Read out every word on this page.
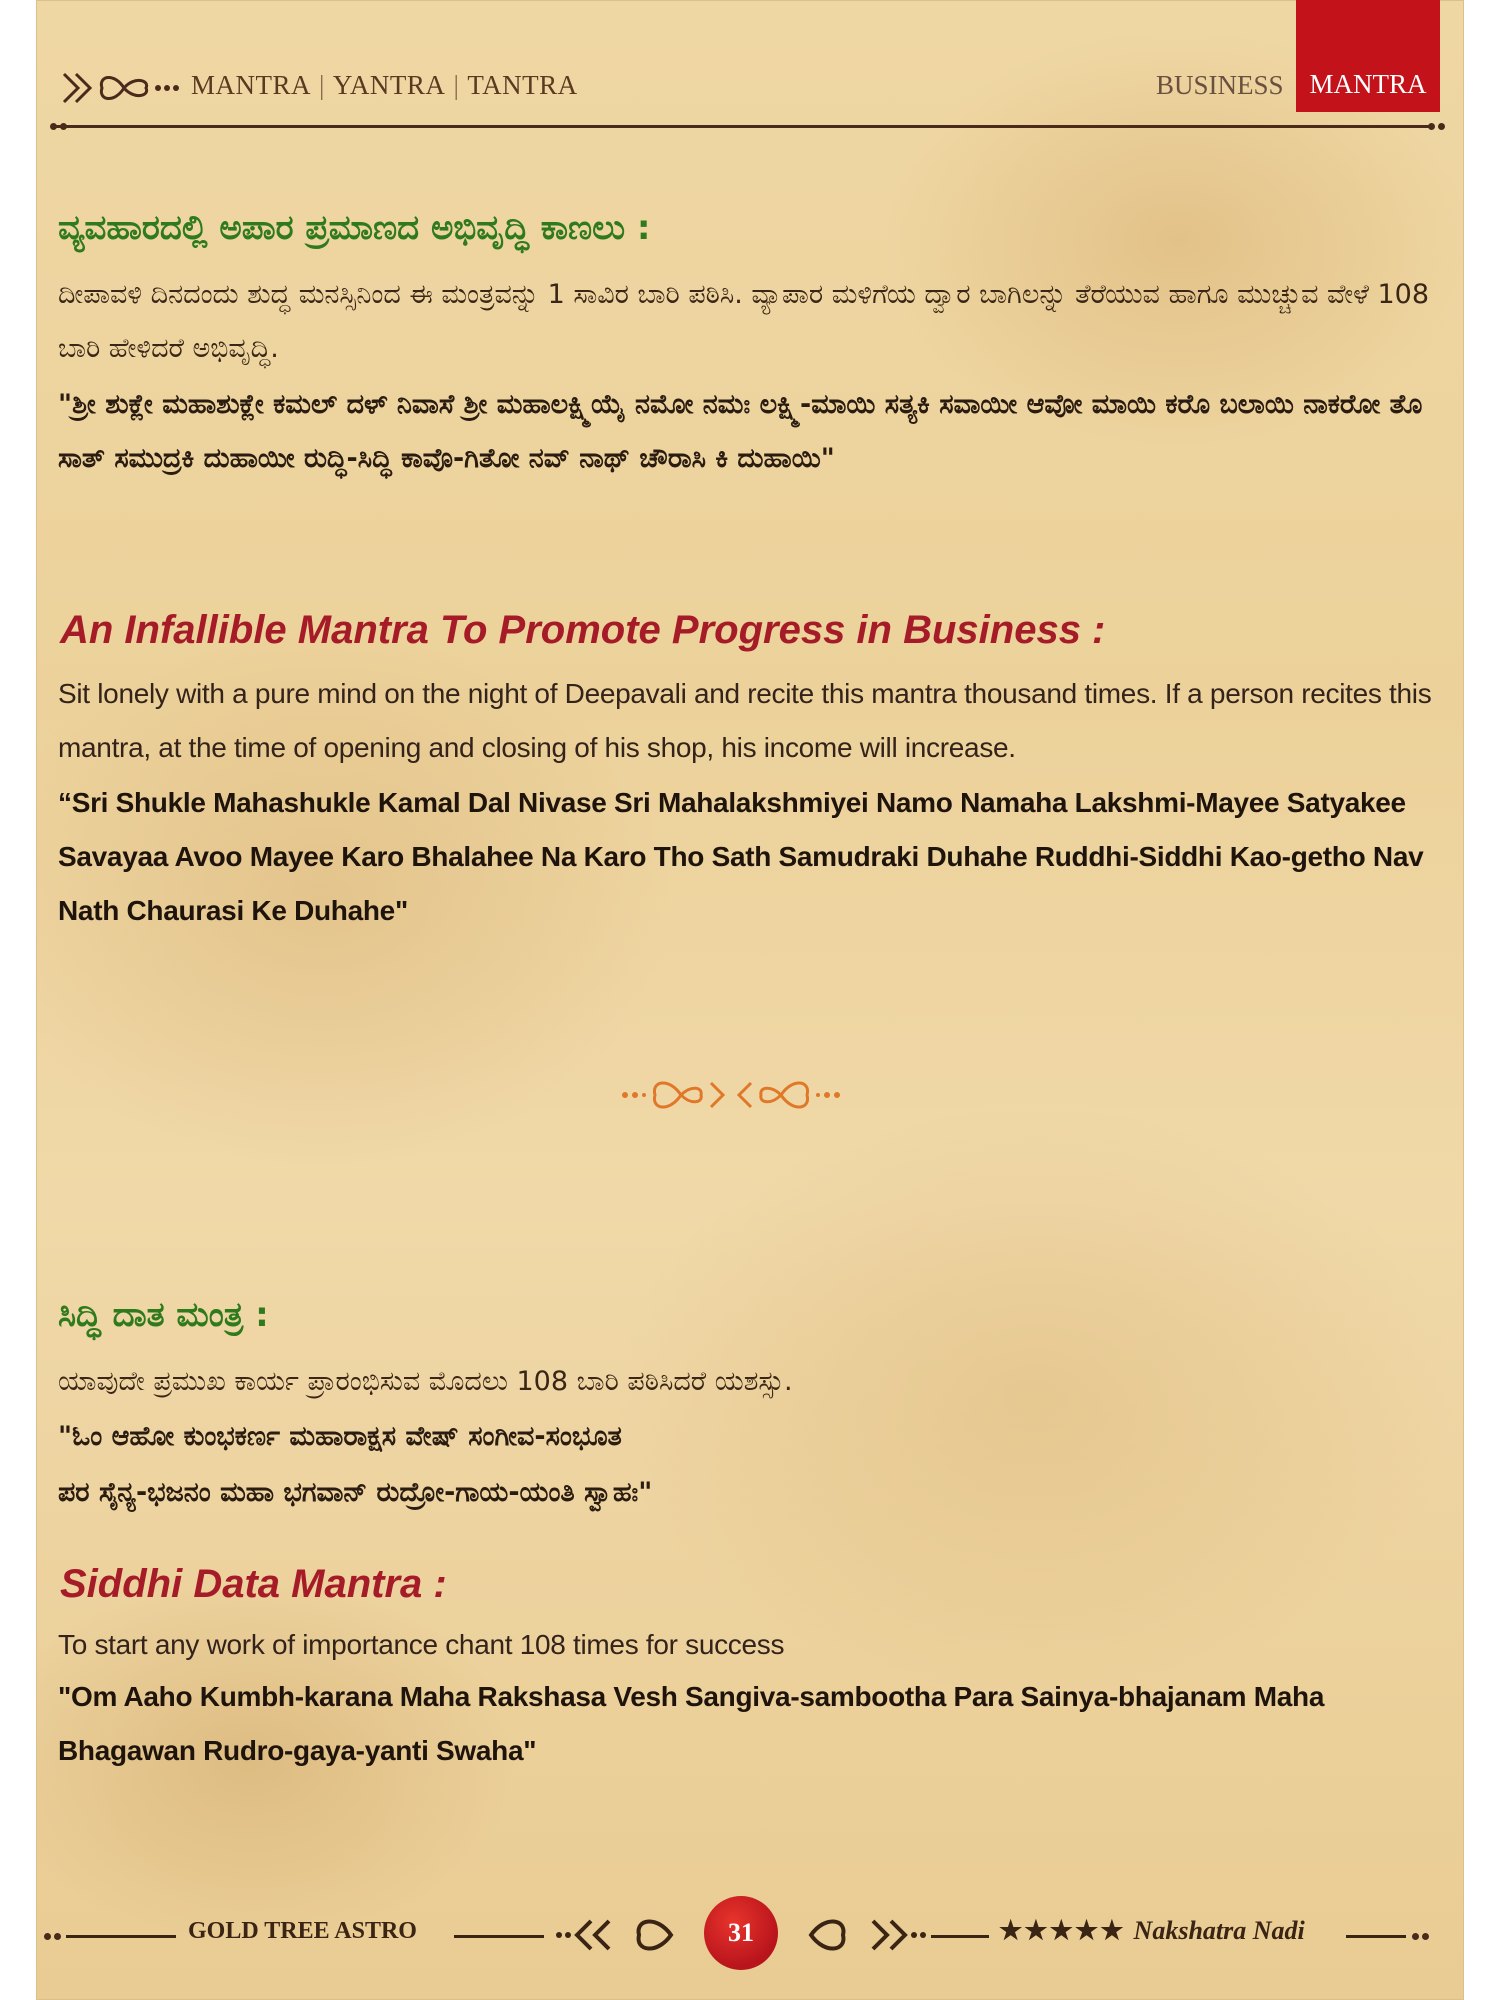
MANTRA | YANTRA | TANTRA	BUSINESS MANTRA
ವ್ಯವಹಾರದಲ್ಲಿ ಅಪಾರ ಪ್ರಮಾಣದ ಅಭಿವೃದ್ಧಿ ಕಾಣಲು :
ದೀಪಾವಳಿ ದಿನದಂದು ಶುದ್ಧ ಮನಸ್ಸಿನಿಂದ ಈ ಮಂತ್ರವನ್ನು 1 ಸಾವಿರ ಬಾರಿ ಪಠಿಸಿ. ವ್ಯಾಪಾರ ಮಳಿಗೆಯ ದ್ವಾರ ಬಾಗಿಲನ್ನು ತೆರೆಯುವ ಹಾಗೂ ಮುಚ್ಚುವ ವೇಳೆ 108 ಬಾರಿ ಹೇಳಿದರೆ ಅಭಿವೃದ್ಧಿ.
"ಶ್ರೀ ಶುಕ್ಲೇ ಮಹಾಶುಕ್ಲೇ ಕಮಲ್ ದಳ್ ನಿವಾಸೆ ಶ್ರೀ ಮಹಾಲಕ್ಷ್ಮಿಯೈ ನಮೋ ನಮಃ ಲಕ್ಷ್ಮಿ-ಮಾಯಿ ಸತ್ಯಕಿ ಸವಾಯೀ ಆವೋ ಮಾಯಿ ಕರೊ ಬಲಾಯಿ ನಾಕರೋ ತೊ ಸಾತ್ ಸಮುದ್ರಕಿ ದುಹಾಯೀ ರುದ್ಧಿ-ಸಿದ್ಧಿ ಕಾವೊ-ಗಿತೋ ನವ್ ನಾಥ್ ಚೌರಾಸಿ ಕಿ ದುಹಾಯಿ"
An Infallible Mantra To Promote Progress in Business :
Sit lonely with a pure mind on the night of Deepavali and recite this mantra thousand times. If a person recites this mantra, at the time of opening and closing of his shop, his income will increase.
“Sri Shukle Mahashukle Kamal Dal Nivase Sri Mahalakshmiyei Namo Namaha Lakshmi-Mayee Satyakee Savayaa Avoo Mayee Karo Bhalahee Na Karo Tho Sath Samudraki Duhahe Ruddhi-Siddhi Kao-getho Nav Nath Chaurasi Ke Duhahe"
ಸಿದ್ಧಿ ದಾತ ಮಂತ್ರ :
ಯಾವುದೇ ಪ್ರಮುಖ ಕಾರ್ಯ ಪ್ರಾರಂಭಿಸುವ ಮೊದಲು 108 ಬಾರಿ ಪಠಿಸಿದರೆ ಯಶಸ್ಸು.
"ಓಂ ಆಹೋ ಕುಂಭಕರ್ಣ ಮಹಾರಾಕ್ಷಸ ವೇಷ್ ಸಂಗೀವ-ಸಂಭೂತ
ಪರ ಸೈನ್ಯ-ಭಜನಂ ಮಹಾ ಭಗವಾನ್ ರುದ್ರೋ-ಗಾಯ-ಯಂತಿ ಸ್ವಾಹಃ"
Siddhi Data Mantra :
To start any work of importance chant 108 times for success
"Om Aaho Kumbh-karana Maha Rakshasa Vesh Sangiva-sambootha Para Sainya-bhajanam Maha Bhagawan Rudro-gaya-yanti Swaha"
GOLD TREE ASTRO	31	★★★★★ Nakshatra Nadi
